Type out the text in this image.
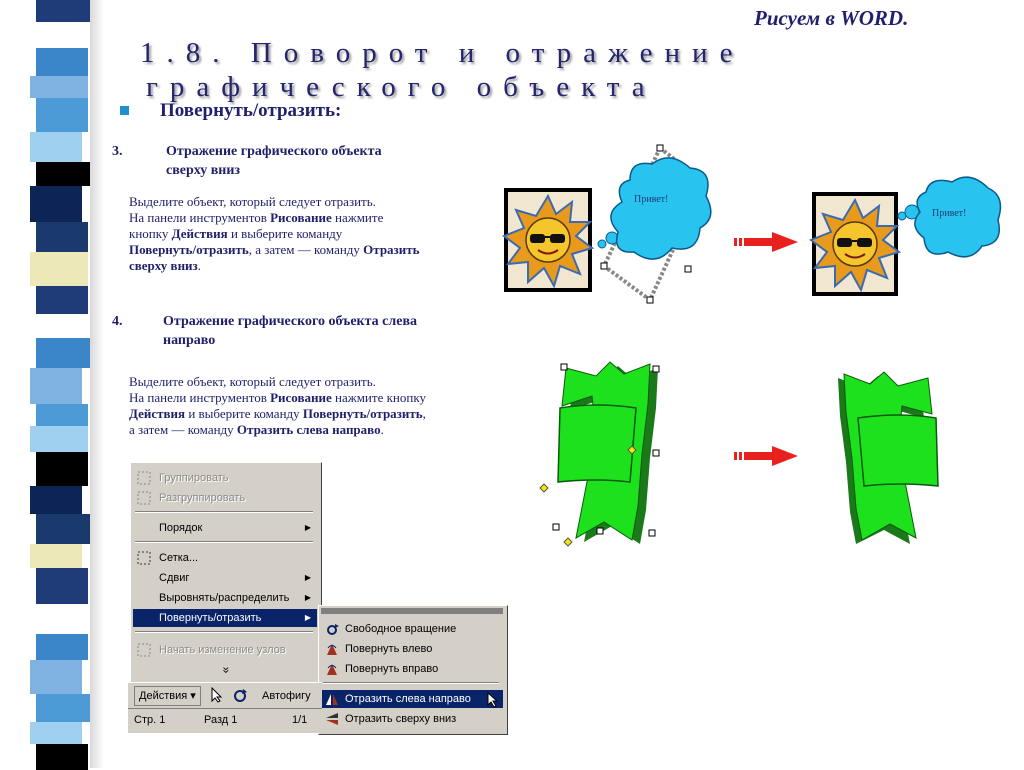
Рисуем в WORD.
1.8. Поворот и отражение
графического объекта
Повернуть/отразить:
3.	Отражение графического объекта
сверху вниз
Выделите объект, который следует отразить.
На панели инструментов Рисование нажмите
кнопку Действия и выберите команду
Повернуть/отразить, а затем — команду Отразить
сверху вниз.
4.	Отражение графического объекта слева
направо
Выделите объект, который следует отразить.
На панели инструментов Рисование нажмите кнопку
Действия и выберите команду Повернуть/отразить,
а затем — команду Отразить слева направо.
Привет!
Привет!
Группировать
Разгруппировать
Порядок	▶
Сетка...
Сдвиг	▶
Выровнять/распределить ▶
Повернуть/отразить	▶
Начать изменение узлов
»
Свободное вращение
Повернуть влево
Повернуть вправо
Отразить слева направо
Отразить сверху вниз
Действия ▾	Автофигу
Стр. 1	Разд 1	1/1
